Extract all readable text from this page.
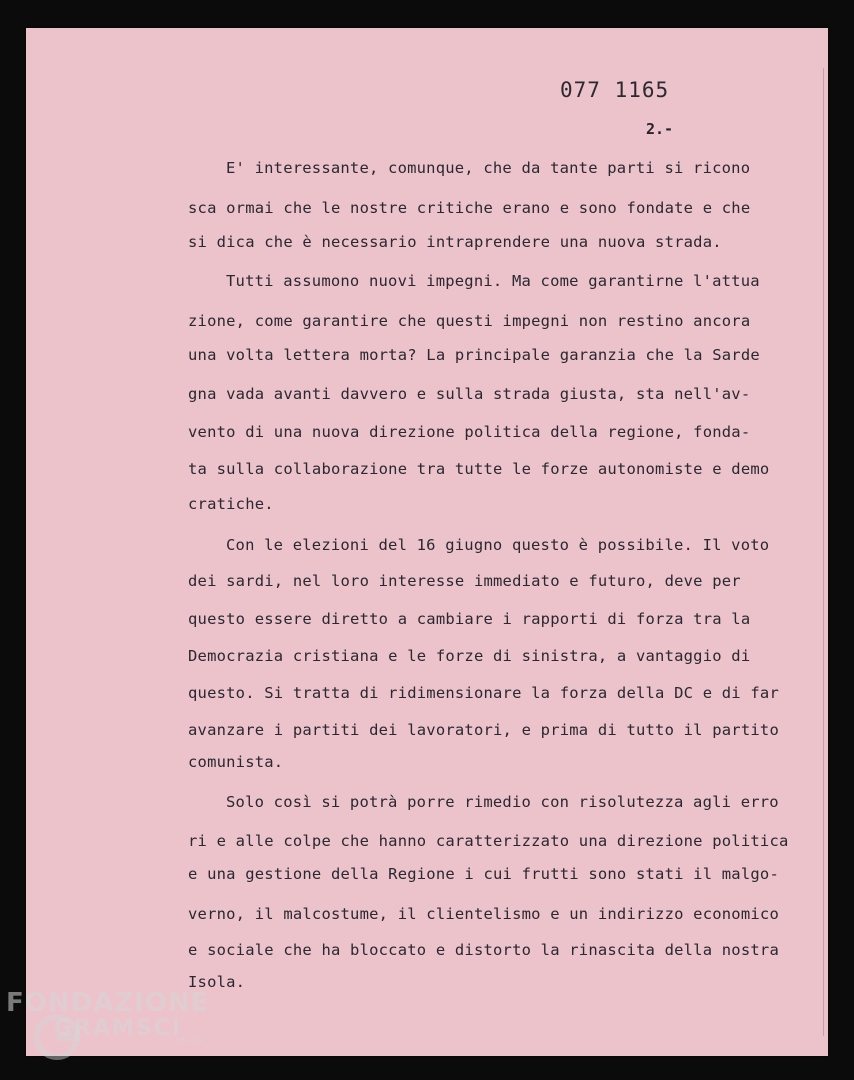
077 1165
2.-
E' interessante, comunque, che da tante parti si ricono
sca ormai che le nostre critiche erano e sono fondate e che
si dica che è necessario intraprendere una nuova strada.
Tutti assumono nuovi impegni. Ma come garantirne l'attua
zione, come garantire che questi impegni non restino ancora
una volta lettera morta? La principale garanzia che la Sarde
gna vada avanti davvero e sulla strada giusta, sta nell'av-
vento di una nuova direzione politica della regione, fonda-
ta sulla collaborazione tra tutte le forze autonomiste e demo
cratiche.
Con le elezioni del 16 giugno questo è possibile. Il voto
dei sardi, nel loro interesse immediato e futuro, deve per
questo essere diretto a cambiare i rapporti di forza tra la
Democrazia cristiana e le forze di sinistra, a vantaggio di
questo. Si tratta di ridimensionare la forza della DC e di far
avanzare i partiti dei lavoratori, e prima di tutto il partito
comunista.
Solo così si potrà porre rimedio con risolutezza agli erro
ri e alle colpe che hanno caratterizzato una direzione politica
e una gestione della Regione i cui frutti sono stati il malgo-
verno, il malcostume, il clientelismo e un indirizzo economico
e sociale che ha bloccato e distorto la rinascita della nostra
Isola.
FONDAZIONE
GRAMSCI
onlus
